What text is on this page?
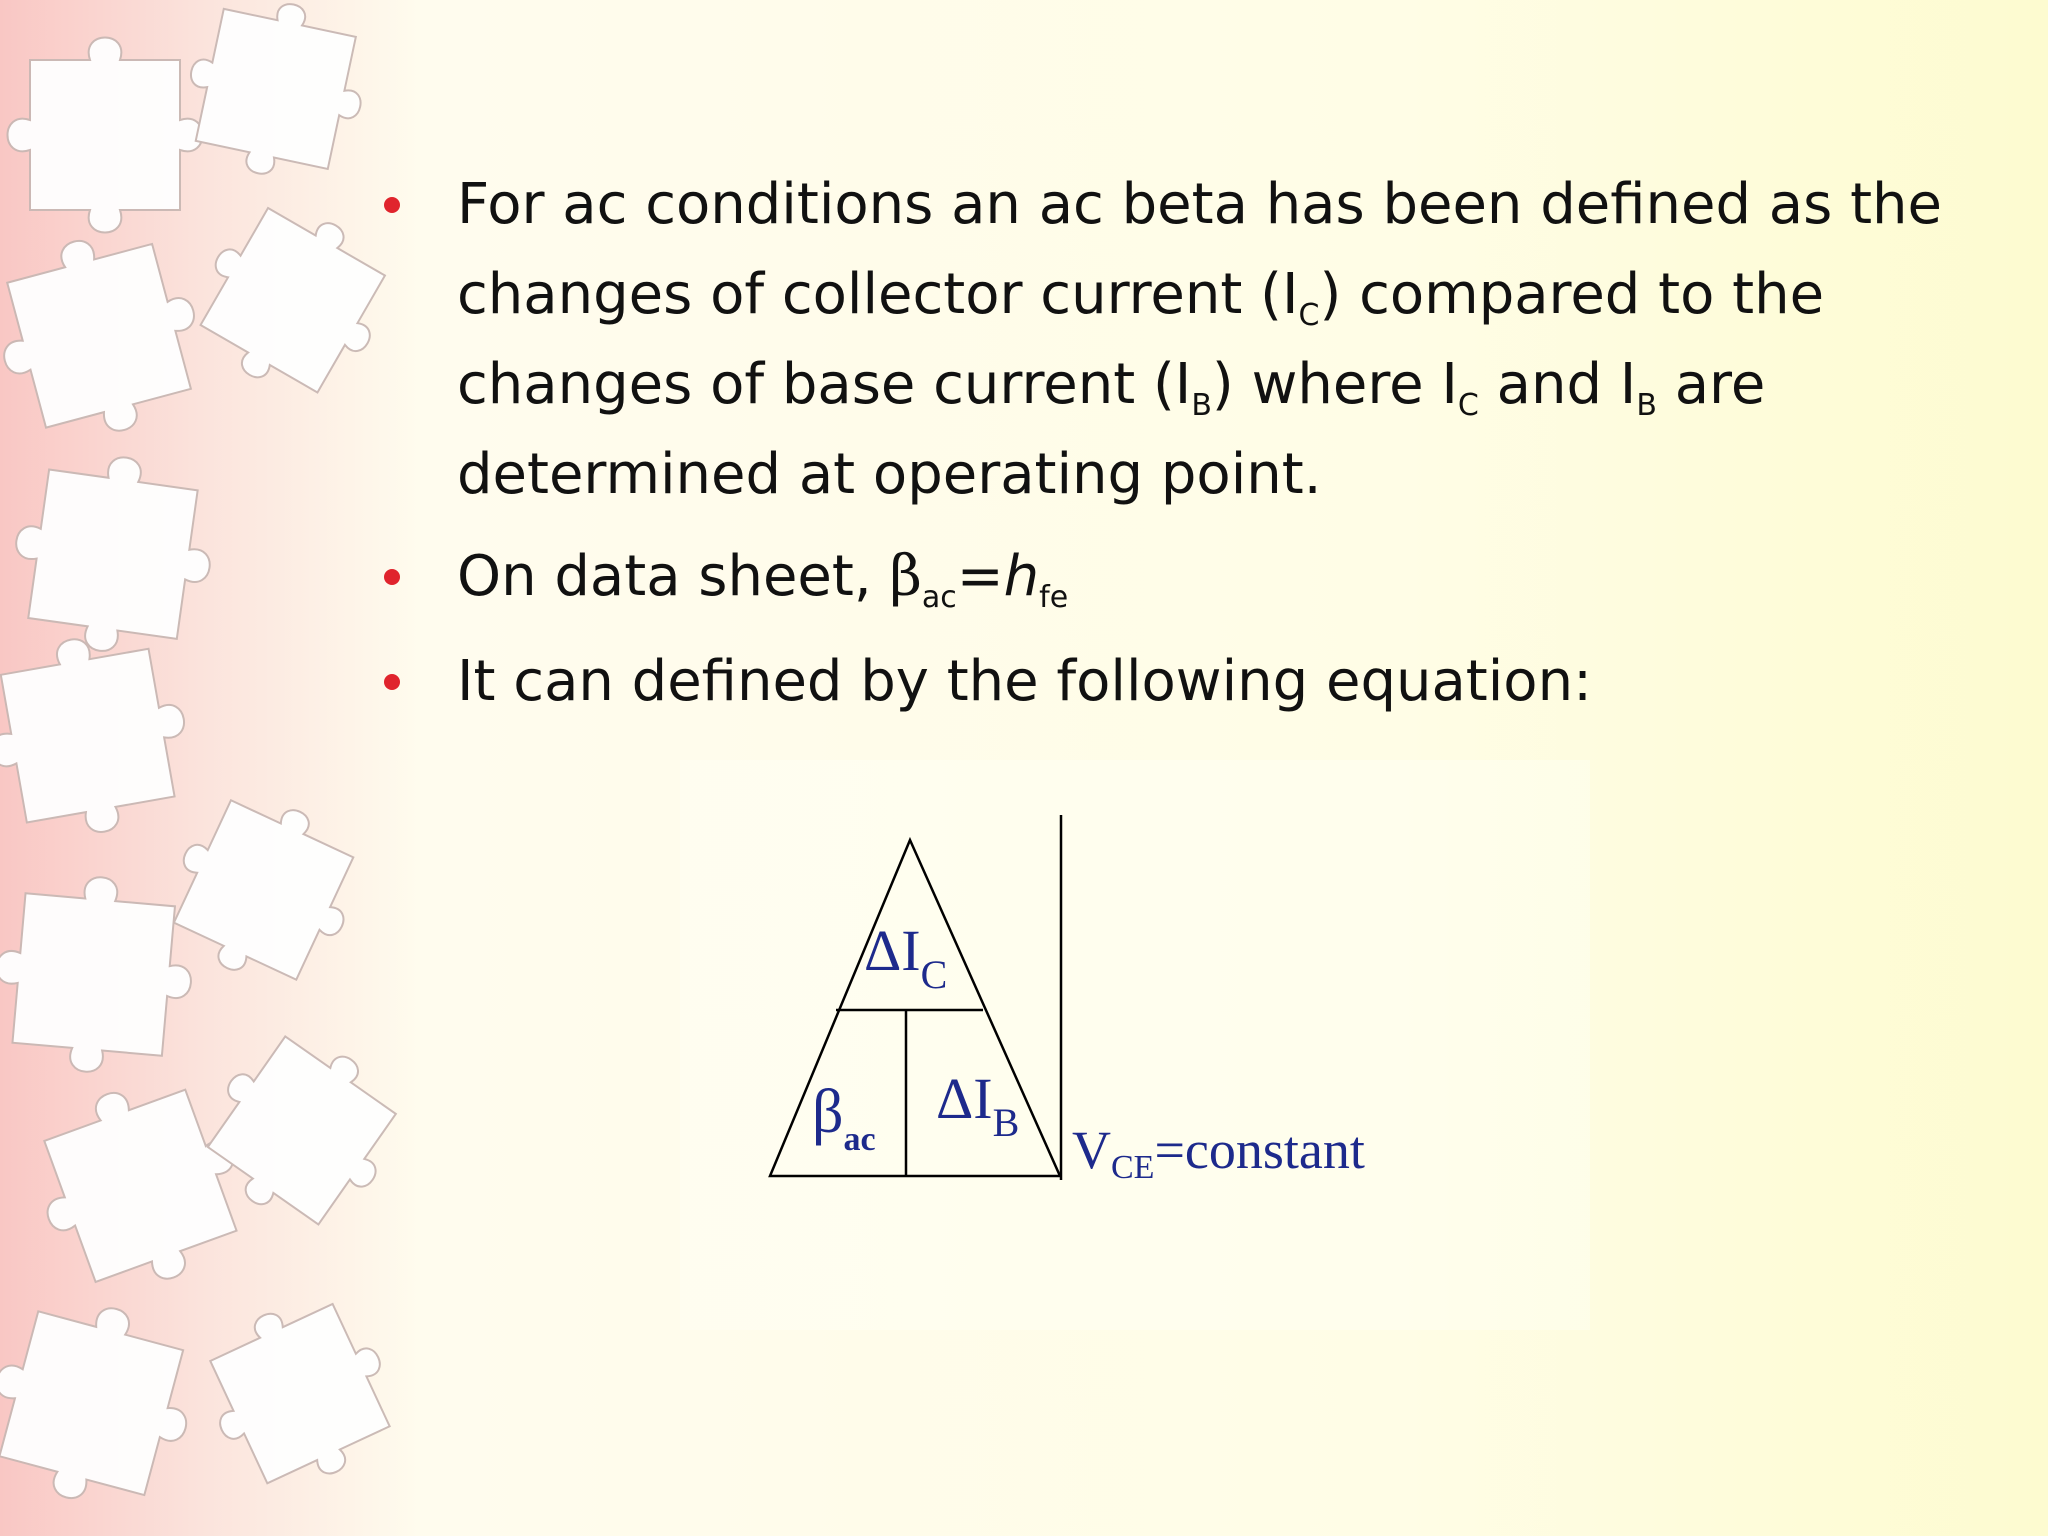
For ac conditions an ac beta has been defined as the changes of collector current $(I_C)$ compared to the changes of base current $(I_B)$ where $I_C$ and $I_B$ are determined at operating point.
On data sheet, $\beta_{ac}=h_{fe}$
It can defined by the following equation:
$\Delta I_C$
$\beta_{ac}$
$\Delta I_B$ VCE=constant
